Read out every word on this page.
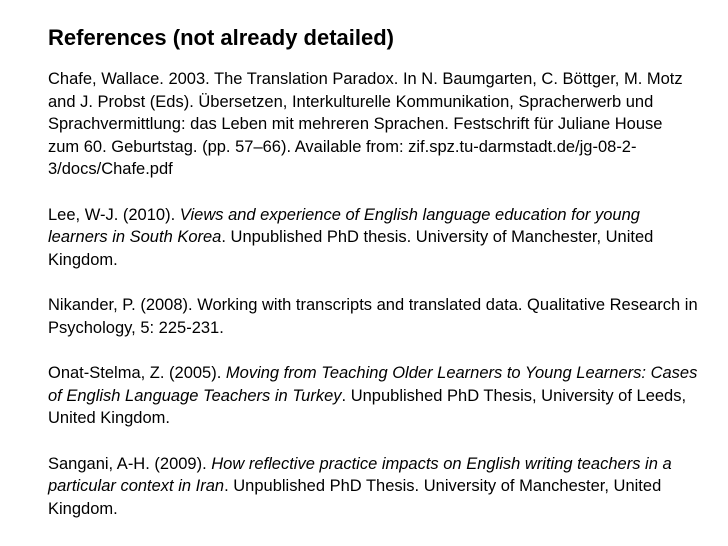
References (not already detailed)

Chafe, Wallace. 2003. The Translation Paradox. In N. Baumgarten, C. Böttger, M. Motz and J. Probst (Eds). Übersetzen, Interkulturelle Kommunikation, Spracherwerb und Sprachvermittlung: das Leben mit mehreren Sprachen. Festschrift für Juliane House zum 60. Geburtstag. (pp. 57–66). Available from: zif.spz.tu-darmstadt.de/jg-08-2-3/docs/Chafe.pdf

Lee, W-J. (2010). Views and experience of English language education for young learners in South Korea. Unpublished PhD thesis. University of Manchester, United Kingdom.

Nikander, P. (2008). Working with transcripts and translated data. Qualitative Research in Psychology, 5: 225-231.

Onat-Stelma, Z. (2005). Moving from Teaching Older Learners to Young Learners: Cases of English Language Teachers in Turkey. Unpublished PhD Thesis, University of Leeds, United Kingdom.

Sangani, A-H. (2009). How reflective practice impacts on English writing teachers in a particular context in Iran. Unpublished PhD Thesis. University of Manchester, United Kingdom.
